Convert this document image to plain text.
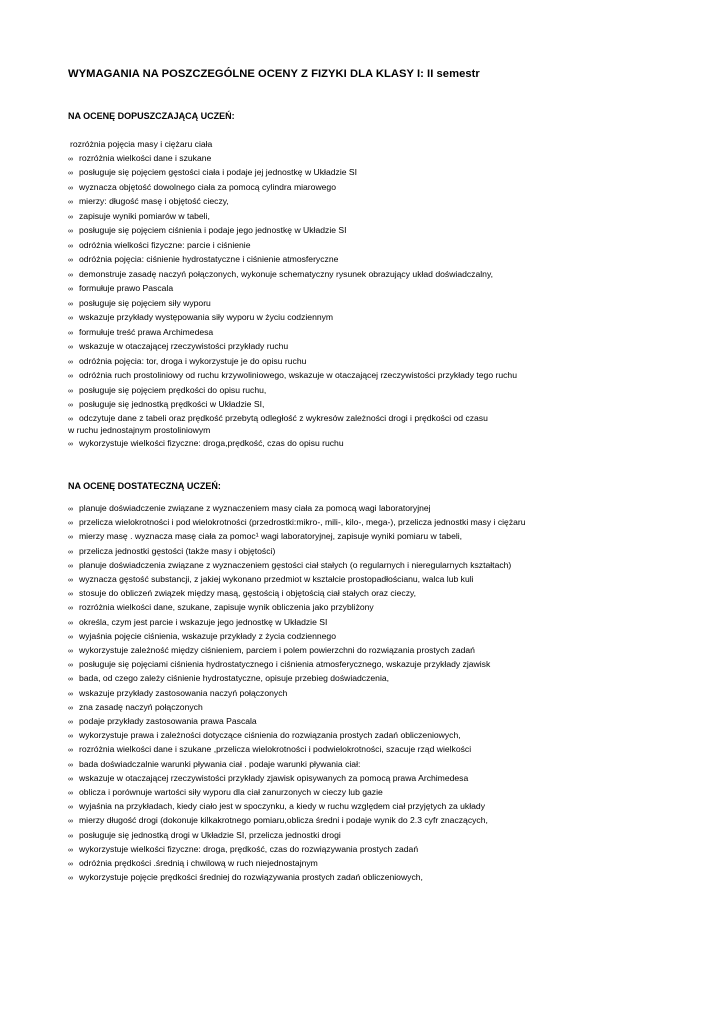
WYMAGANIA NA POSZCZEGÓLNE OCENY Z FIZYKI DLA KLASY I: II semestr
NA OCENĘ DOPUSZCZAJĄCĄ UCZEŃ:
rozróżnia pojęcia masy i ciężaru ciała
∞ rozróżnia wielkości dane i szukane
∞ posługuje się pojęciem gęstości ciała i podaje jej jednostkę w Układzie SI
∞ wyznacza objętość dowolnego ciała za pomocą cylindra miarowego
∞ mierzy: długość masę i objętość cieczy,
∞ zapisuje wyniki pomiarów w tabeli,
∞ posługuje się pojęciem ciśnienia i podaje jego jednostkę w Układzie SI
∞ odróżnia wielkości fizyczne: parcie i ciśnienie
∞ odróżnia pojęcia: ciśnienie hydrostatyczne i ciśnienie atmosferyczne
∞ demonstruje zasadę naczyń połączonych, wykonuje schematyczny rysunek obrazujący układ doświadczalny,
∞ formułuje prawo Pascala
∞ posługuje się pojęciem siły wyporu
∞ wskazuje przykłady występowania siły wyporu w życiu codziennym
∞ formułuje treść prawa Archimedesa
∞ wskazuje w otaczającej rzeczywistości przykłady ruchu
∞ odróżnia pojęcia: tor, droga i wykorzystuje je do opisu ruchu
∞ odróżnia ruch prostoliniowy od ruchu krzywoliniowego, wskazuje w otaczającej rzeczywistości przykłady tego ruchu
∞ posługuje się pojęciem prędkości do opisu ruchu,
∞ posługuje się jednostką prędkości w Układzie SI,
∞ odczytuje dane z tabeli oraz prędkość przebytą odległość z wykresów zależności drogi i prędkości od czasu
w ruchu jednostajnym prostoliniowym
∞ wykorzystuje wielkości fizyczne: droga,prędkość, czas do opisu ruchu
NA OCENĘ DOSTATECZNĄ UCZEŃ:
∞ planuje doświadczenie związane z wyznaczeniem masy ciała za pomocą wagi laboratoryjnej
∞ przelicza wielokrotności i pod wielokrotności (przedrostki:mikro-, mili-, kilo-, mega-), przelicza jednostki masy i ciężaru
∞ mierzy masę . wyznacza masę ciała za pomoc¹ wagi laboratoryjnej, zapisuje wyniki pomiaru w tabeli,
∞ przelicza jednostki gęstości (także masy i objętości)
∞ planuje doświadczenia związane z wyznaczeniem gęstości ciał stałych (o regularnych i nieregularnych kształtach)
∞ wyznacza gęstość substancji, z jakiej wykonano przedmiot w kształcie prostopadłościanu, walca lub kuli
∞ stosuje do obliczeń związek między masą, gęstością i objętością ciał stałych oraz cieczy,
∞ rozróżnia wielkości dane, szukane, zapisuje wynik obliczenia jako przybliżony
∞ określa, czym jest parcie i wskazuje jego jednostkę w Układzie SI
∞ wyjaśnia pojęcie ciśnienia, wskazuje przykłady z życia codziennego
∞ wykorzystuje zależność między ciśnieniem, parciem i polem powierzchni do rozwiązania prostych zadań
∞ posługuje się pojęciami ciśnienia hydrostatycznego i ciśnienia atmosferycznego, wskazuje przykłady zjawisk
∞ bada, od czego zależy ciśnienie hydrostatyczne, opisuje przebieg doświadczenia,
∞ wskazuje przykłady zastosowania naczyń połączonych
∞ zna zasadę naczyń połączonych
∞ podaje przykłady zastosowania prawa Pascala
∞ wykorzystuje prawa i zależności dotyczące ciśnienia do rozwiązania prostych zadań obliczeniowych,
∞ rozróżnia wielkości dane i szukane ,przelicza wielokrotności i podwielokrotności, szacuje rząd wielkości
∞ bada doświadczalnie warunki pływania ciał . podaje warunki pływania ciał:
∞ wskazuje w otaczającej rzeczywistości przykłady zjawisk opisywanych za pomocą prawa Archimedesa
∞ oblicza i porównuje wartości siły wyporu dla ciał zanurzonych w cieczy lub gazie
∞ wyjaśnia na przykładach, kiedy ciało jest w spoczynku, a kiedy w ruchu względem ciał przyjętych za układy
∞ mierzy długość drogi (dokonuje kilkakrotnego pomiaru,oblicza średni i podaje wynik do 2.3 cyfr znaczących,
∞ posługuje się jednostką drogi w Układzie SI, przelicza jednostki drogi
∞ wykorzystuje wielkości fizyczne: droga, prędkość, czas do rozwiązywania prostych zadań
∞ odróżnia prędkości .średnią i chwilową w ruch niejednostajnym
∞ wykorzystuje pojęcie prędkości średniej do rozwiązywania prostych zadań obliczeniowych,
